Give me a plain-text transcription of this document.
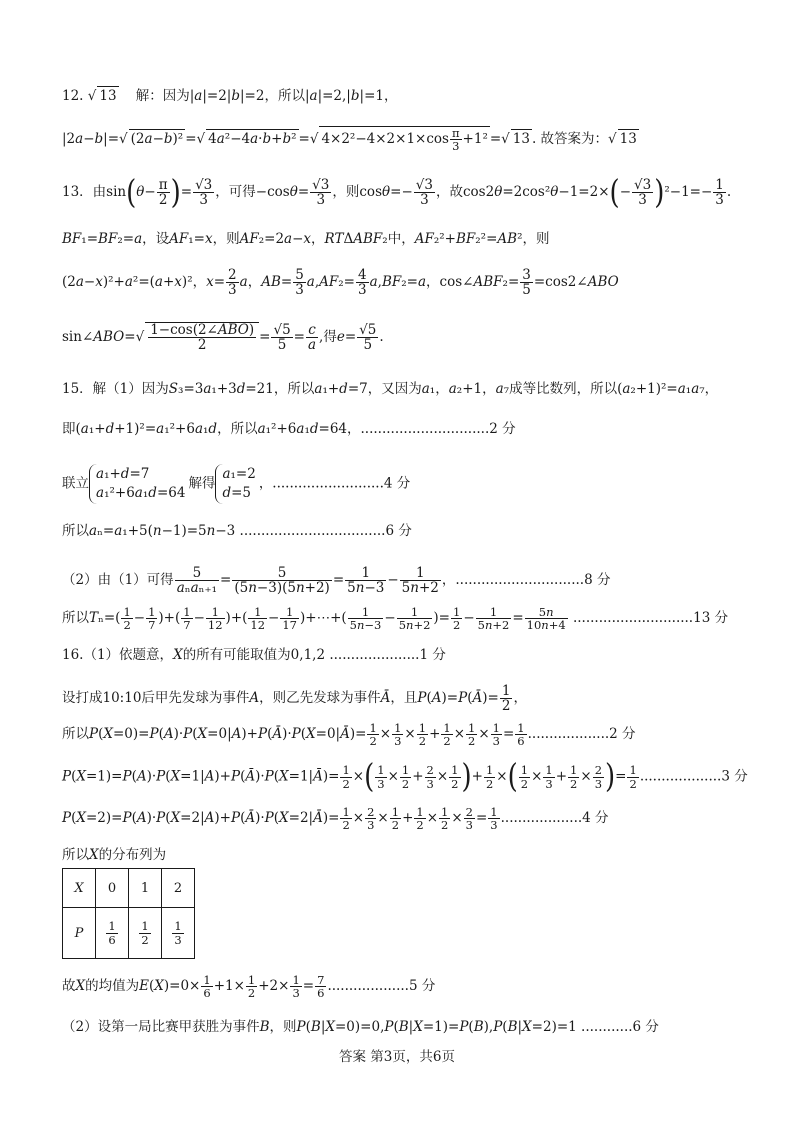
12. √ 13    解：因为|a|=2|b|=2，所以|a|=2,|b|=1，
|2a−b|=√ (2a−b)² =√ 4a²−4a·b+b² =√ $4\times 2^2-4\times 2\times 1\times\cos \frac{\pi}{3} +1^2$ =√ 13 . 故答案为：√ 13
13．由$\sin(\theta- \frac{\pi}{2}$ )= $\frac{√3}{3}$ ，可得$-\cos\theta= \frac{√3}{3}$ ，则$\cos\theta=- \frac{√3}{3}$ ，故$\cos 2\theta=2\cos^2\theta-1=2\times(- \frac{√3}{3} )^2-1=- \frac{1}{3}$ .
BF₁=BF₂=a，设AF₁=x，则AF₂=2a−x，RTΔABF₂中，AF₂²+BF₂²=AB²，则
(2a−x)²+a²=(a+x)²，$x= \frac{2}{3}$ a，$AB= \frac{5}{3} a,AF_2= \frac{4}{3} a,BF_2=a$，cos∠ABF₂= $\frac{3}{5}$ =cos2∠ABO
sin∠ABO=√ 1−cos(2∠ABO)
2	= $\frac{√5}{5} = \frac{c}{a}$ ,得$e= \frac{√5}{5}$ .
15．解（1）因为S₃=3a₁+3d=21，所以a₁+d=7，又因为a₁，a₂+1，a₇成等比数列，所以(a₂+1)²=a₁a₇，
即(a₁+d+1)²=a₁²+6a₁d，所以a₁²+6a₁d=64，..............................2 分
联立a₁+d=7
a₁²+6a₁d=64解得a₁=2
d=5，..........................4 分
所以aₙ=a₁+5(n−1)=5n−3 ..................................6 分
（2）由（1）可得	5
$a_na_{n+1} = \frac{5}{(5n-3)(5n+2)} = \frac{1}{5n-3} - \frac{1}{5n+2}$ ，..............................8 分
所以$T_n=( \frac{1}{2} - \frac{1}{7}$ )+( $\frac{1}{7} - \frac{1}{12}$ )+( $\frac{1}{12} - \frac{1}{17}$ )+⋯+( $\frac{1}{5n-3} - \frac{1}{5n+2}$ )= $\frac{1}{2} - \frac{1}{5n+2} = \frac{5n}{10n+4} ............................13$ 分
16.（1）依题意，X的所有可能取值为0,1,2 .....................1 分
设打成10:10后甲先发球为事件A，则乙先发球为事件Ā，且P(A)=P(Ā)= $\frac{1}{2}$ ，
所以P(X=0)=P(A)·P(X=0|A)+P(Ā)·P(X=0|Ā)= $\frac{1}{2} \times \frac{1}{3} \times \frac{1}{2} + \frac{1}{2} \times \frac{1}{2} \times \frac{1}{3} = \frac{1}{6} ...................2$ 分
P(X=1)=P(A)·P(X=1|A)+P(Ā)·P(X=1|Ā)= $\frac{1}{2}$ ×( $\frac{1}{3} \times \frac{1}{2} + \frac{2}{3} \times \frac{1}{2}$ )+ $\frac{1}{2}$ ×( $\frac{1}{2} \times \frac{1}{3} + \frac{1}{2} \times \frac{2}{3}$ )= $\frac{1}{2} ...................3$ 分
P(X=2)=P(A)·P(X=2|A)+P(Ā)·P(X=2|Ā)= $\frac{1}{2} \times \frac{2}{3} \times \frac{1}{2} + \frac{1}{2} \times \frac{1}{2} \times \frac{2}{3} = \frac{1}{3} ...................4$ 分
所以X的分布列为
X	0	1	2
P	$\frac{1}{6}$	$\frac{1}{2}$	$\frac{1}{3}$
故X的均值为$E(X)=0\times \frac{1}{6} +1\times \frac{1}{2} +2\times \frac{1}{3} = \frac{7}{6} ...................5$ 分
（2）设第一局比赛甲获胜为事件B，则P(B|X=0)=0,P(B|X=1)=P(B),P(B|X=2)=1 ............6 分
答案 第3页，共6页
